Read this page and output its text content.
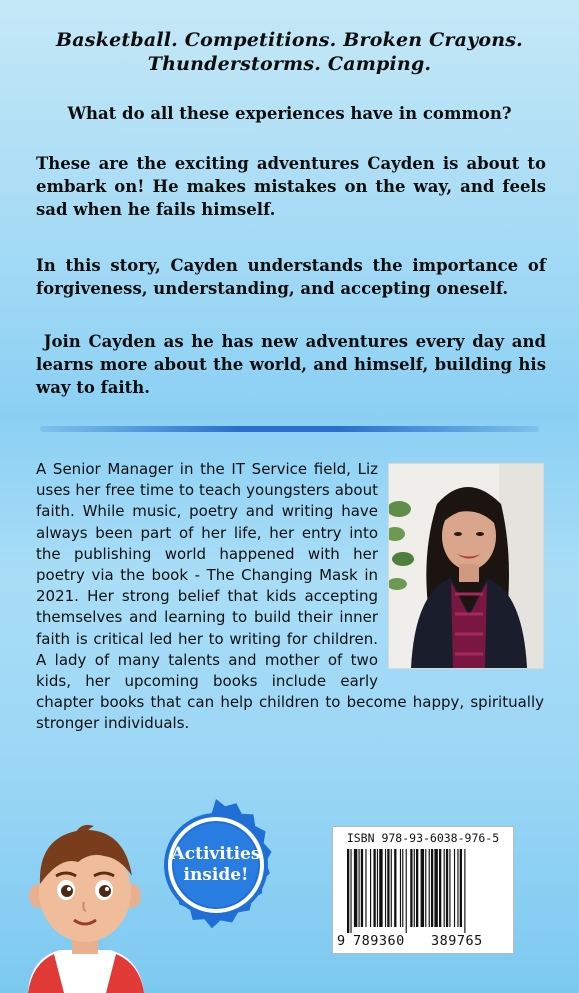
Basketball. Competitions. Broken Crayons.
Thunderstorms. Camping.
What do all these experiences have in common?
These are the exciting adventures Cayden is about to embark on! He makes mistakes on the way, and feels sad when he fails himself.
In this story, Cayden understands the importance of forgiveness, understanding, and accepting oneself.
Join Cayden as he has new adventures every day and learns more about the world, and himself, building his way to faith.
A Senior Manager in the IT Service field, Liz uses her free time to teach youngsters about faith. While music, poetry and writing have always been part of her life, her entry into the publishing world happened with her poetry via the book - The Changing Mask in 2021. Her strong belief that kids accepting themselves and learning to build their inner faith is critical led her to writing for children. A lady of many talents and mother of two kids, her upcoming books include early chapter books that can help children to become happy, spiritually stronger individuals.
Activities
inside!
ISBN 978-93-6038-976-5
9 789360 389765
